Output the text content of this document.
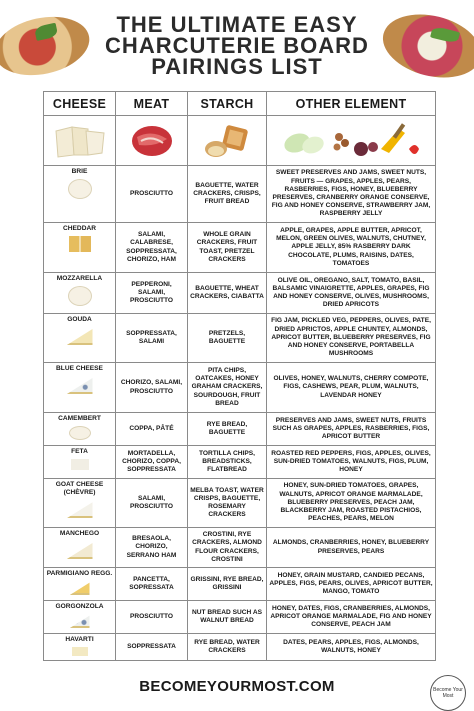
THE ULTIMATE EASY
CHARCUTERIE BOARD
PAIRINGS LIST
CHEESE	MEAT	STARCH	OTHER ELEMENT

BRIE	PROSCIUTTO	BAGUETTE, WATER CRACKERS, CRISPS, FRUIT BREAD	SWEET PRESERVES AND JAMS, SWEET NUTS, FRUITS — GRAPES, APPLES, PEARS, RASBERRIES, FIGS, HONEY, BLUEBERRY PRESERVES, CRANBERRY ORANGE CONSERVE, FIG AND HONEY CONSERVE, STRAWBERRY JAM, RASPBERRY JELLY

CHEDDAR	SALAMI, CALABRESE, SOPPRESSATA, CHORIZO, HAM	WHOLE GRAIN CRACKERS, FRUIT TOAST, PRETZEL CRACKERS	APPLE, GRAPES, APPLE BUTTER, APRICOT, MELON, GREEN OLIVES, WALNUTS, CHUTNEY, APPLE JELLY, 85% RASBERRY DARK CHOCOLATE, PLUMS, RAISINS, DATES, TOMATOES

MOZZARELLA	PEPPERONI, SALAMI, PROSCIUTTO	BAGUETTE, WHEAT CRACKERS, CIABATTA	OLIVE OIL, OREGANO, SALT, TOMATO, BASIL, BALSAMIC VINAIGRETTE, APPLES, GRAPES, FIG AND HONEY CONSERVE, OLIVES, MUSHROOMS, DRIED APRICOTS

GOUDA	SOPPRESSATA, SALAMI	PRETZELS, BAGUETTE	FIG JAM, PICKLED VEG, PEPPERS, OLIVES, PATE, DRIED APRICTOS, APPLE CHUNTEY, ALMONDS, APRICOT BUTTER, BLUEBERRY PRESERVES, FIG AND HONEY CONSERVE, PORTABELLA MUSHROOMS

BLUE CHEESE	CHORIZO, SALAMI, PROSCIUTTO	PITA CHIPS, OATCAKES, HONEY GRAHAM CRACKERS, SOURDOUGH, FRUIT BREAD	OLIVES, HONEY, WALNUTS, CHERRY COMPOTE, FIGS, CASHEWS, PEAR, PLUM, WALNUTS, LAVENDAR HONEY

CAMEMBERT	COPPA, PÂTÉ	RYE BREAD, BAGUETTE	PRESERVES AND JAMS, SWEET NUTS, FRUITS SUCH AS GRAPES, APPLES, RASBERRIES, FIGS, APRICOT BUTTER

FETA	MORTADELLA, CHORIZO, COPPA, SOPPRESSATA	TORTILLA CHIPS, BREADSTICKS, FLATBREAD	ROASTED RED PEPPERS, FIGS, APPLES, OLIVES, SUN-DRIED TOMATOES, WALNUTS, FIGS, PLUM, HONEY

GOAT CHEESE (CHÈVRE)	SALAMI, PROSCIUTTO	MELBA TOAST, WATER CRISPS, BAGUETTE, ROSEMARY CRACKERS	HONEY, SUN-DRIED TOMATOES, GRAPES, WALNUTS, APRICOT ORANGE MARMALADE, BLUEBERRY PRESERVES, PEACH JAM, BLACKBERRY JAM, ROASTED PISTACHIOS, PEACHES, PEARS, MELON

MANCHEGO	BRESAOLA, CHORIZO, SERRANO HAM	CROSTINI, RYE CRACKERS, ALMOND FLOUR CRACKERS, CROSTINI	ALMONDS, CRANBERRIES, HONEY, BLUEBERRY PRESERVES, PEARS

PARMIGIANO REGG.	PANCETTA, SOPRESSATA	GRISSINI, RYE BREAD, GRISSINI	HONEY, GRAIN MUSTARD, CANDIED PECANS, APPLES, FIGS, PEARS, OLIVES, APRICOT BUTTER, MANGO, TOMATO

GORGONZOLA	PROSCIUTTO	NUT BREAD SUCH AS WALNUT BREAD	HONEY, DATES, FIGS, CRANBERRIES, ALMONDS, APRICOT ORANGE MARMALADE, FIG AND HONEY CONSERVE, PEACH JAM

HAVARTI	SOPPRESSATA	RYE BREAD, WATER CRACKERS	DATES, PEARS, APPLES, FIGS, ALMONDS, WALNUTS, HONEY
BECOMEYOURMOST.COM	Become Your Most
